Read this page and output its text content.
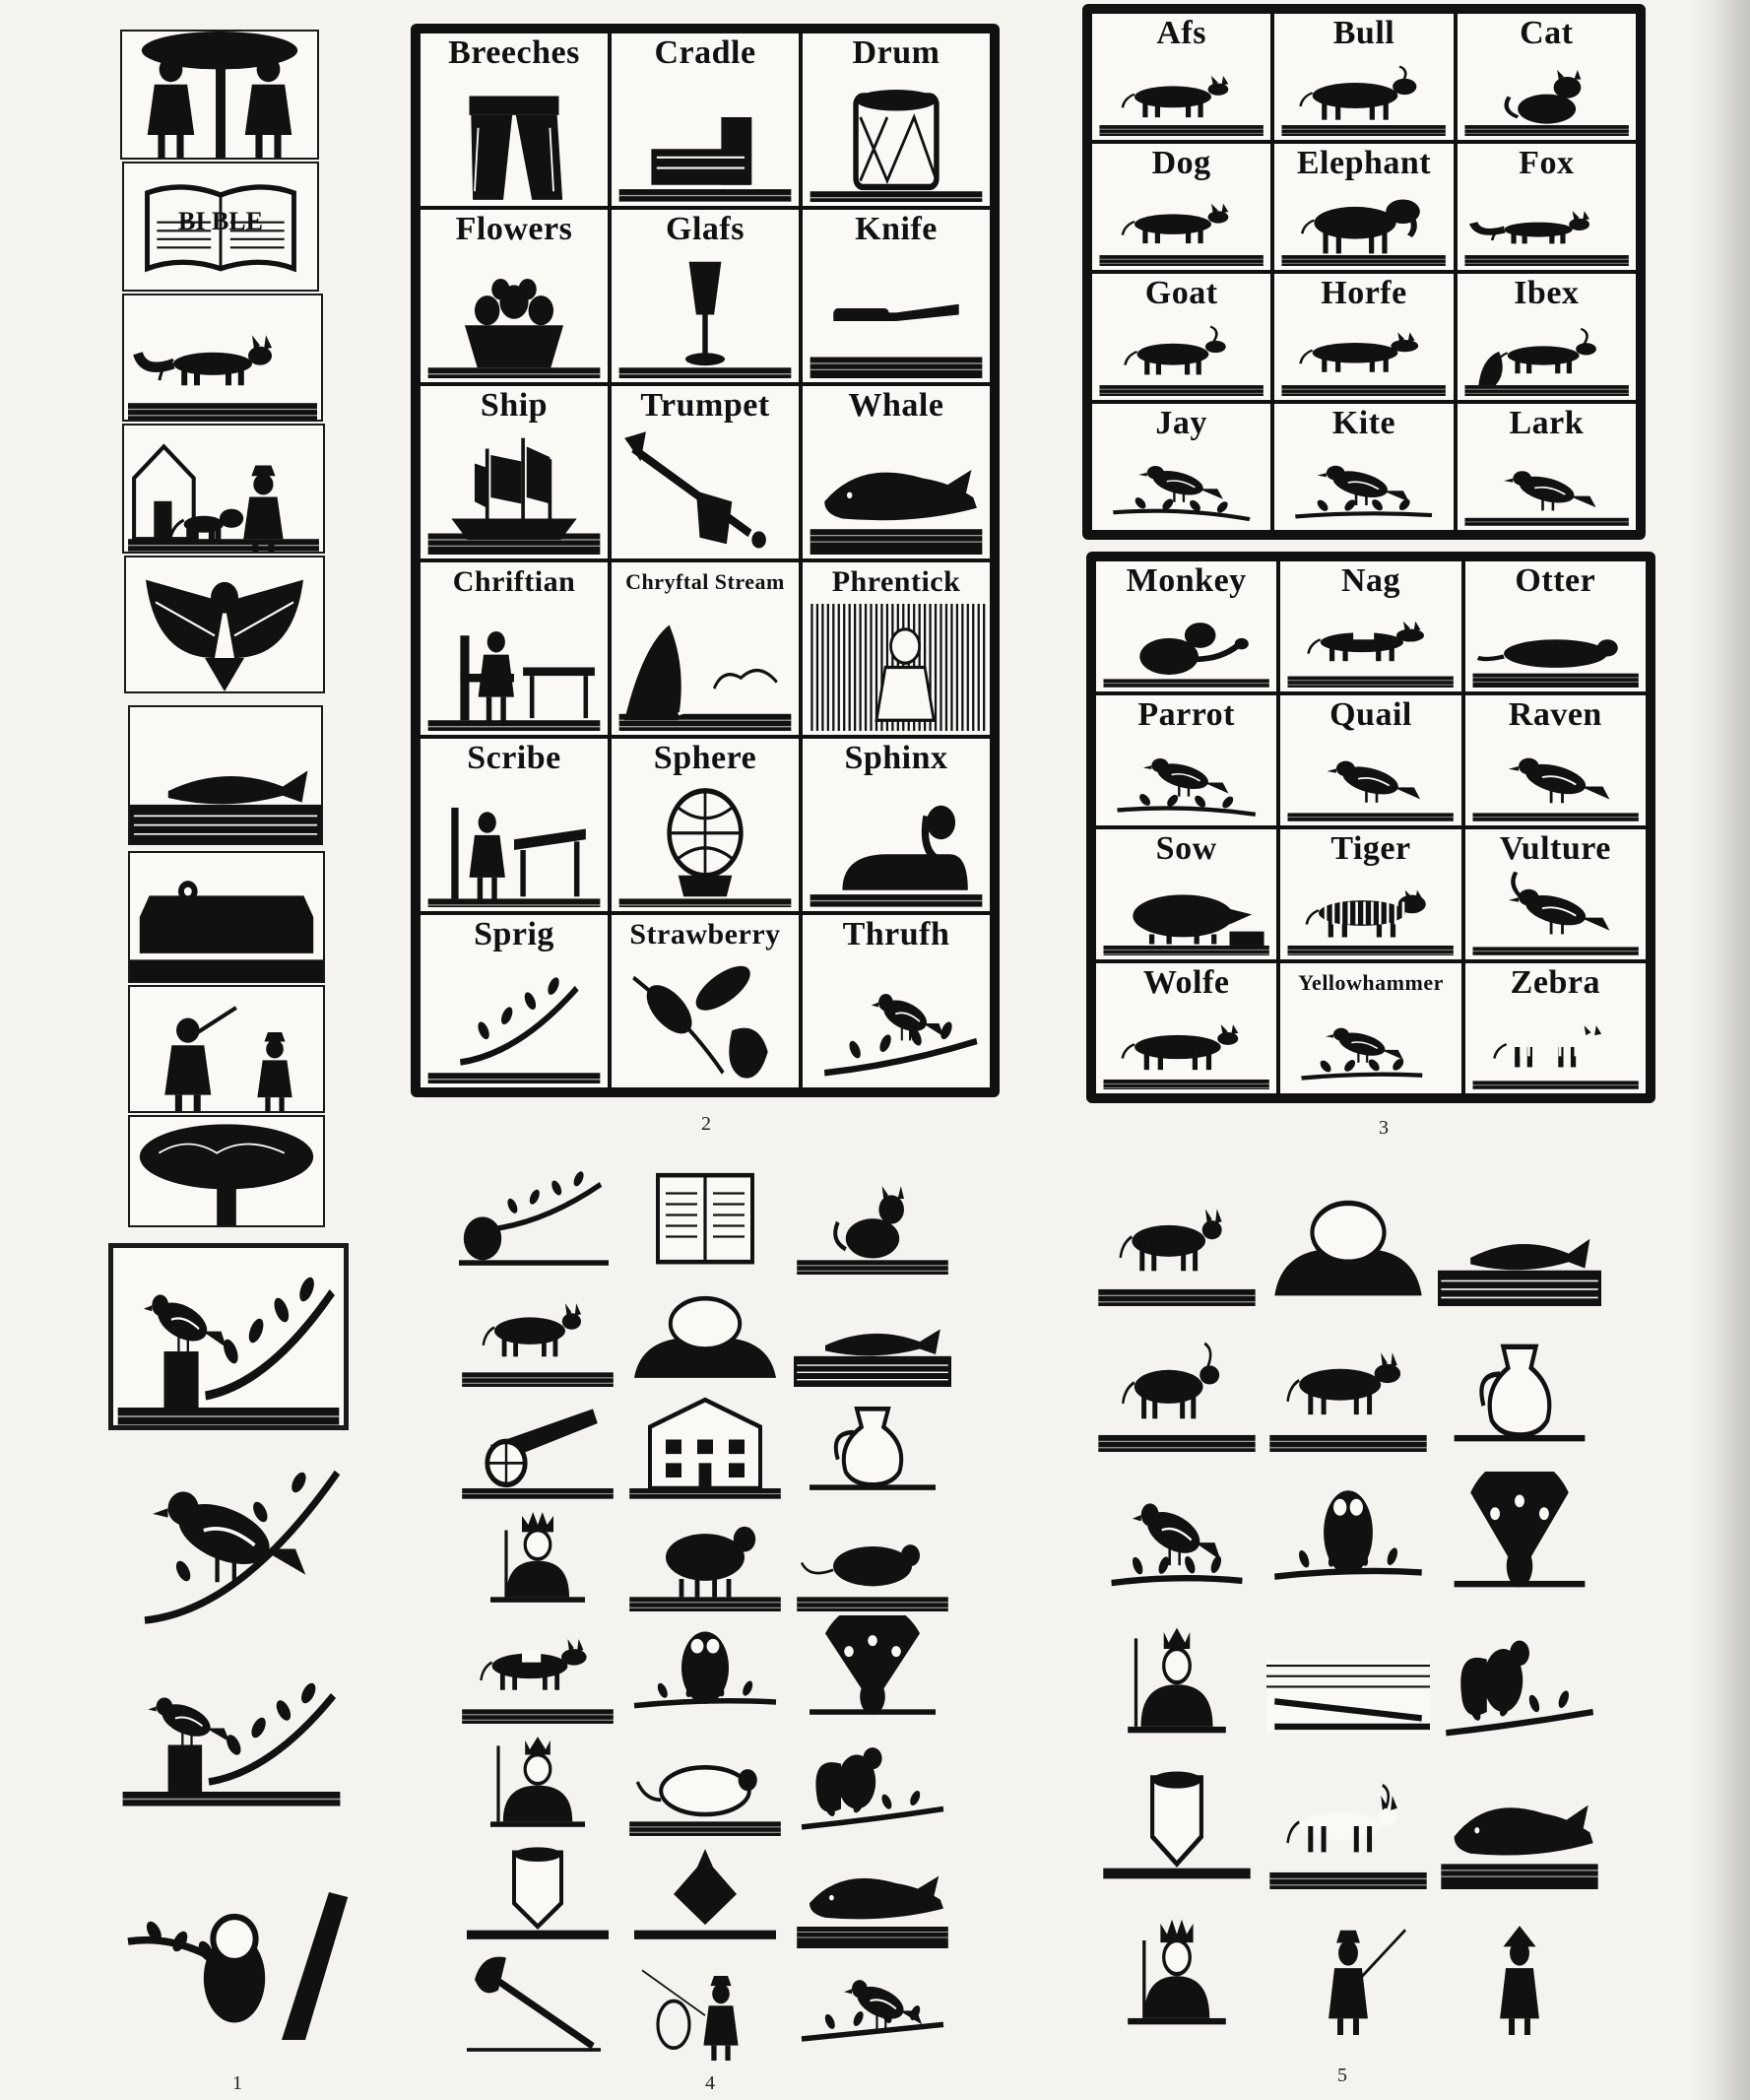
BI BLE
Breeches	Cradle	Drum
Flowers	Glafs	Knife
Ship	Trumpet	Whale
Chriftian	Chryftal Stream	Phrentick
Scribe	Sphere	Sphinx
Sprig	Strawberry	Thrufh
Afs	Bull	Cat
Dog	Elephant	Fox
Goat	Horfe	Ibex
Jay	Kite	Lark
Monkey	Nag	Otter
Parrot	Quail	Raven
Sow	Tiger	Vulture
Wolfe	Yellowhammer	Zebra
1
2	3
4	5
